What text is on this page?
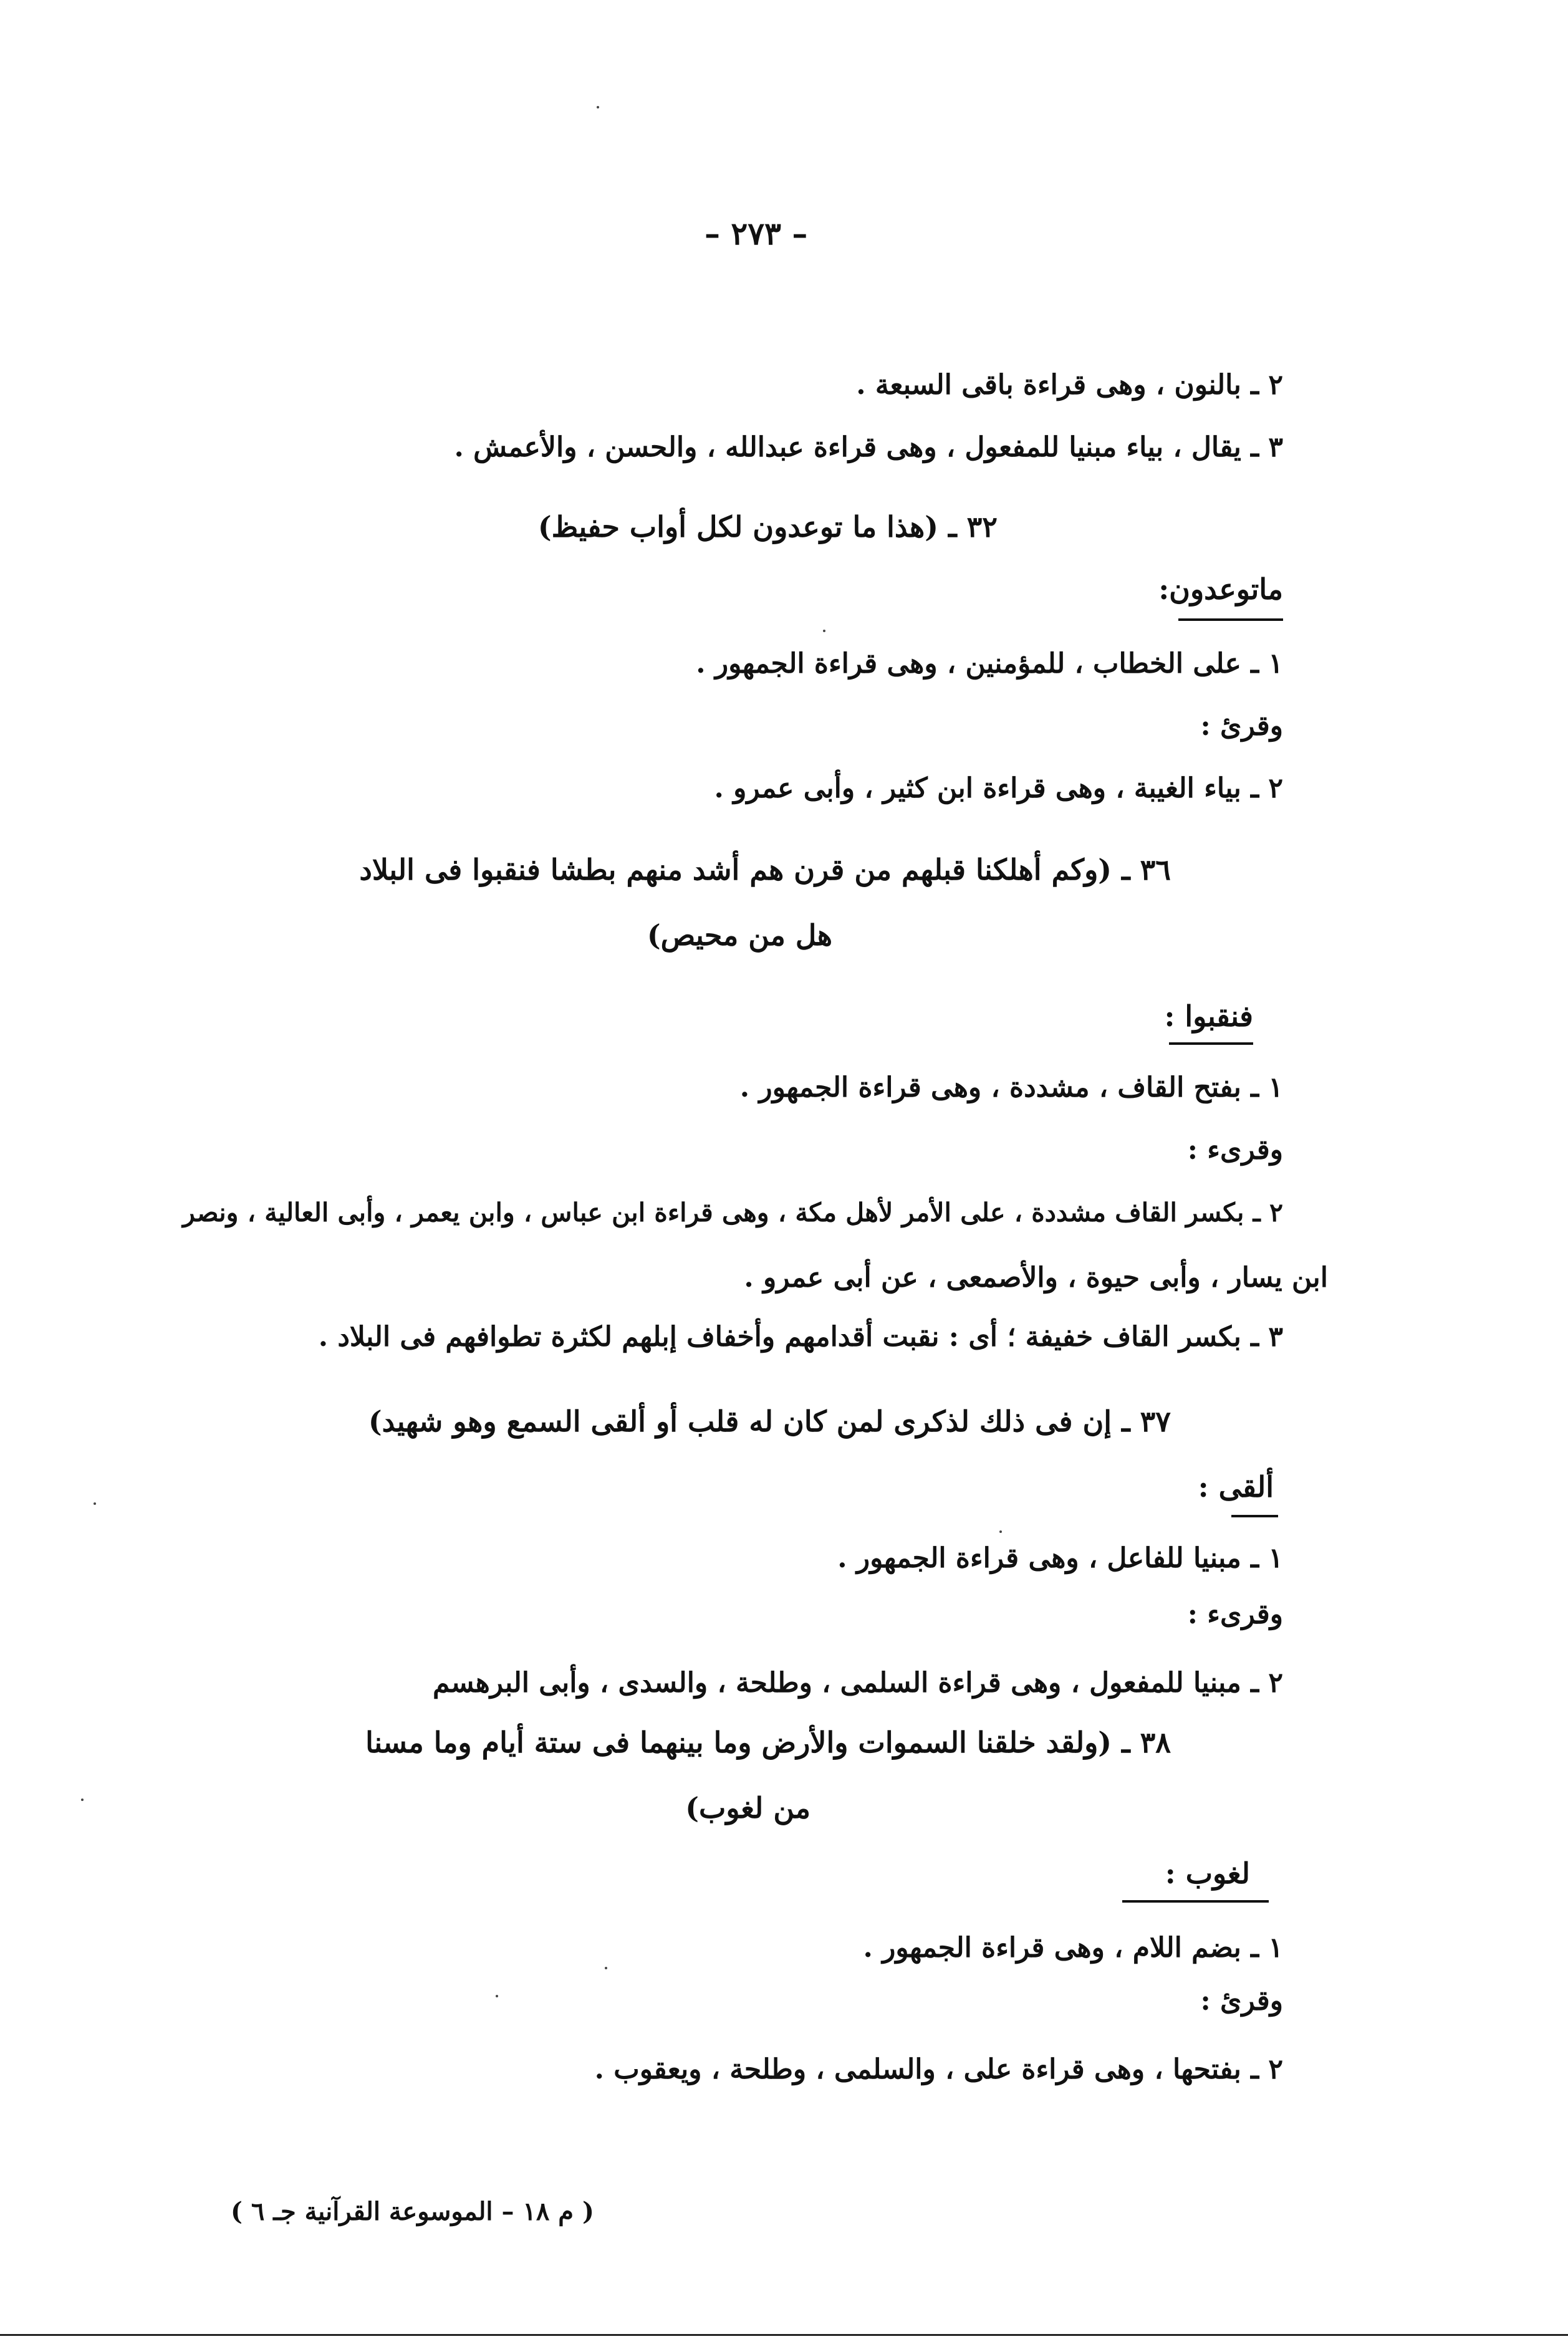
– ٢٧٣ –
٢ ـ بالنون ، وهى قراءة باقى السبعة .
٣ ـ يقال ، بياء مبنيا للمفعول ، وهى قراءة عبدالله ، والحسن ، والأعمش .
٣٢ ـ (هذا ما توعدون لكل أواب حفيظ)
ماتوعدون:
١ ـ على الخطاب ، للمؤمنين ، وهى قراءة الجمهور .
وقرئ :
٢ ـ بياء الغيبة ، وهى قراءة ابن كثير ، وأبى عمرو .
٣٦ ـ (وكم أهلكنا قبلهم من قرن هم أشد منهم بطشا فنقبوا فى البلاد
هل من محيص)
فنقبوا :
١ ـ بفتح القاف ، مشددة ، وهى قراءة الجمهور .
وقرىء :
٢ ـ بكسر القاف مشددة ، على الأمر لأهل مكة ، وهى قراءة ابن عباس ، وابن يعمر ، وأبى العالية ، ونصر
ابن يسار ، وأبى حيوة ، والأصمعى ، عن أبى عمرو .
٣ ـ بكسر القاف خفيفة ؛ أى : نقبت أقدامهم وأخفاف إبلهم لكثرة تطوافهم فى البلاد .
٣٧ ـ إن فى ذلك لذكرى لمن كان له قلب أو ألقى السمع وهو شهيد)
ألقى :
١ ـ مبنيا للفاعل ، وهى قراءة الجمهور .
وقرىء :
٢ ـ مبنيا للمفعول ، وهى قراءة السلمى ، وطلحة ، والسدى ، وأبى البرهسم
٣٨ ـ (ولقد خلقنا السموات والأرض وما بينهما فى ستة أيام وما مسنا
من لغوب)
لغوب :
١ ـ بضم اللام ، وهى قراءة الجمهور .
وقرئ :
٢ ـ بفتحها ، وهى قراءة على ، والسلمى ، وطلحة ، ويعقوب .
( م ١٨ – الموسوعة القرآنية جـ ٦ )
